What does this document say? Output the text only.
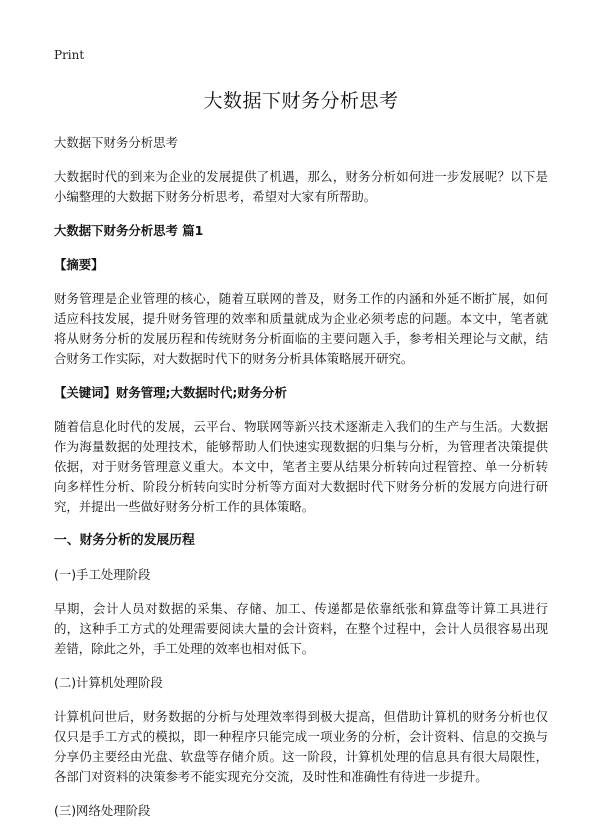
Print
大数据下财务分析思考

大数据下财务分析思考

大数据时代的到来为企业的发展提供了机遇，那么，财务分析如何进一步发展呢？以下是小编整理的大数据下财务分析思考，希望对大家有所帮助。

大数据下财务分析思考 篇1

【摘要】

财务管理是企业管理的核心，随着互联网的普及，财务工作的内涵和外延不断扩展，如何适应科技发展，提升财务管理的效率和质量就成为企业必须考虑的问题。本文中，笔者就将从财务分析的发展历程和传统财务分析面临的主要问题入手，参考相关理论与文献，结合财务工作实际，对大数据时代下的财务分析具体策略展开研究。

【关键词】财务管理;大数据时代;财务分析

随着信息化时代的发展，云平台、物联网等新兴技术逐渐走入我们的生产与生活。大数据作为海量数据的处理技术，能够帮助人们快速实现数据的归集与分析，为管理者决策提供依据，对于财务管理意义重大。本文中，笔者主要从结果分析转向过程管控、单一分析转向多样性分析、阶段分析转向实时分析等方面对大数据时代下财务分析的发展方向进行研究，并提出一些做好财务分析工作的具体策略。

一、财务分析的发展历程

(一)手工处理阶段

早期，会计人员对数据的采集、存储、加工、传递都是依靠纸张和算盘等计算工具进行的，这种手工方式的处理需要阅读大量的会计资料，在整个过程中，会计人员很容易出现差错，除此之外，手工处理的效率也相对低下。

(二)计算机处理阶段

计算机问世后，财务数据的分析与处理效率得到极大提高，但借助计算机的财务分析也仅仅只是手工方式的模拟，即一种程序只能完成一项业务的分析，会计资料、信息的交换与分享仍主要经由光盘、软盘等存储介质。这一阶段，计算机处理的信息具有很大局限性，各部门对资料的决策参考不能实现充分交流，及时性和准确性有待进一步提升。

(三)网络处理阶段
